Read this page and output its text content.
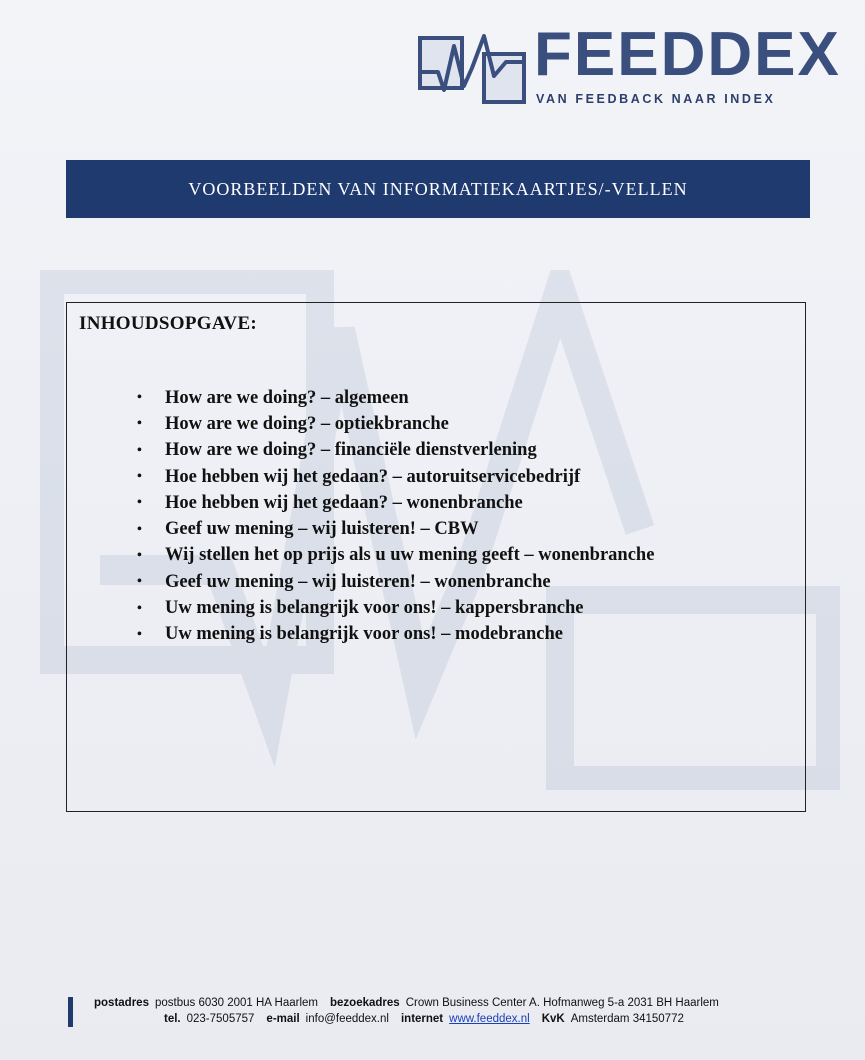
FEEDDEX
VAN FEEDBACK NAAR INDEX
VOORBEELDEN VAN INFORMATIEKAARTJES/-VELLEN
INHOUDSOPGAVE:
•	How are we doing? – algemeen
•	How are we doing? – optiekbranche
•	How are we doing? – financiële dienstverlening
•	Hoe hebben wij het gedaan? – autoruitservicebedrijf
•	Hoe hebben wij het gedaan? – wonenbranche
•	Geef uw mening – wij luisteren! – CBW
•	Wij stellen het op prijs als u uw mening geeft – wonenbranche
•	Geef uw mening – wij luisteren! – wonenbranche
•	Uw mening is belangrijk voor ons! – kappersbranche
•	Uw mening is belangrijk voor ons! – modebranche
postadres postbus 6030 2001 HA Haarlem bezoekadres Crown Business Center A. Hofmanweg 5-a 2031 BH Haarlem
tel. 023-7505757 e-mail info@feeddex.nl internet www.feeddex.nl KvK Amsterdam 34150772
